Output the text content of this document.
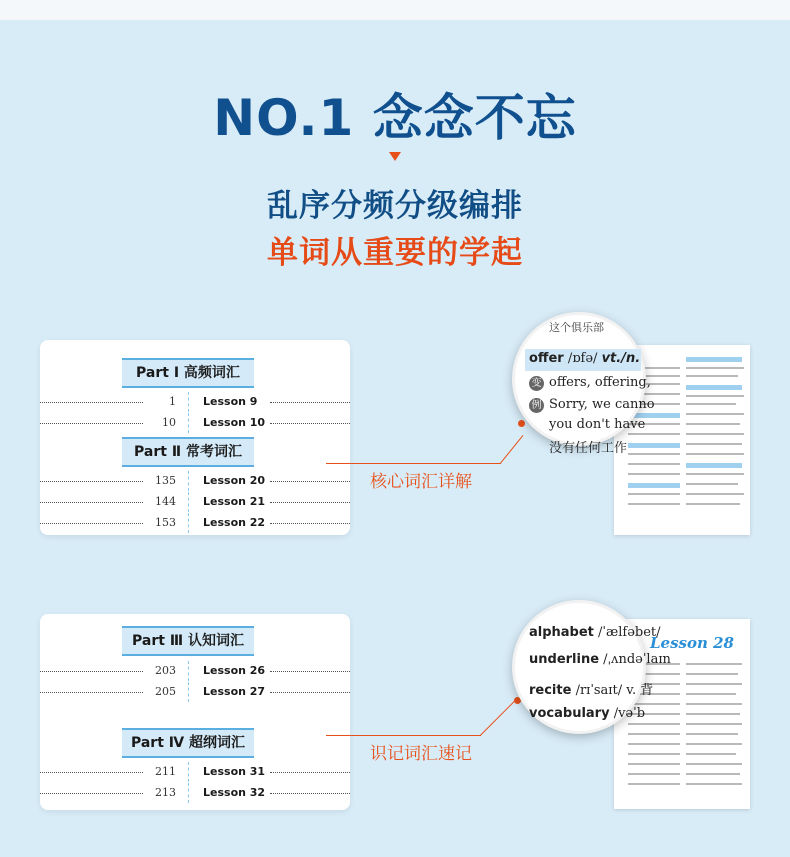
NO.1 念念不忘
乱序分频分级编排
单词从重要的学起
Part Ⅰ 高频词汇
1 Lesson 9
10 Lesson 10
Part Ⅱ 常考词汇
135 Lesson 20
144 Lesson 21
153 Lesson 22
Part Ⅲ 认知词汇
203 Lesson 26
205 Lesson 27
Part Ⅳ 超纲词汇
211 Lesson 31
213 Lesson 32
核心词汇详解
识记词汇速记
Lesson 28
这个俱乐部
offer /ɒfə/ vt./n.
变 offers, offering,
例 Sorry, we canno
you don't have
没有任何工作
alphabet /ˈælfəbet/
underline /ˌʌndəˈlaɪn
recite /rɪˈsaɪt/ v. 背
vocabulary /vəˈb
